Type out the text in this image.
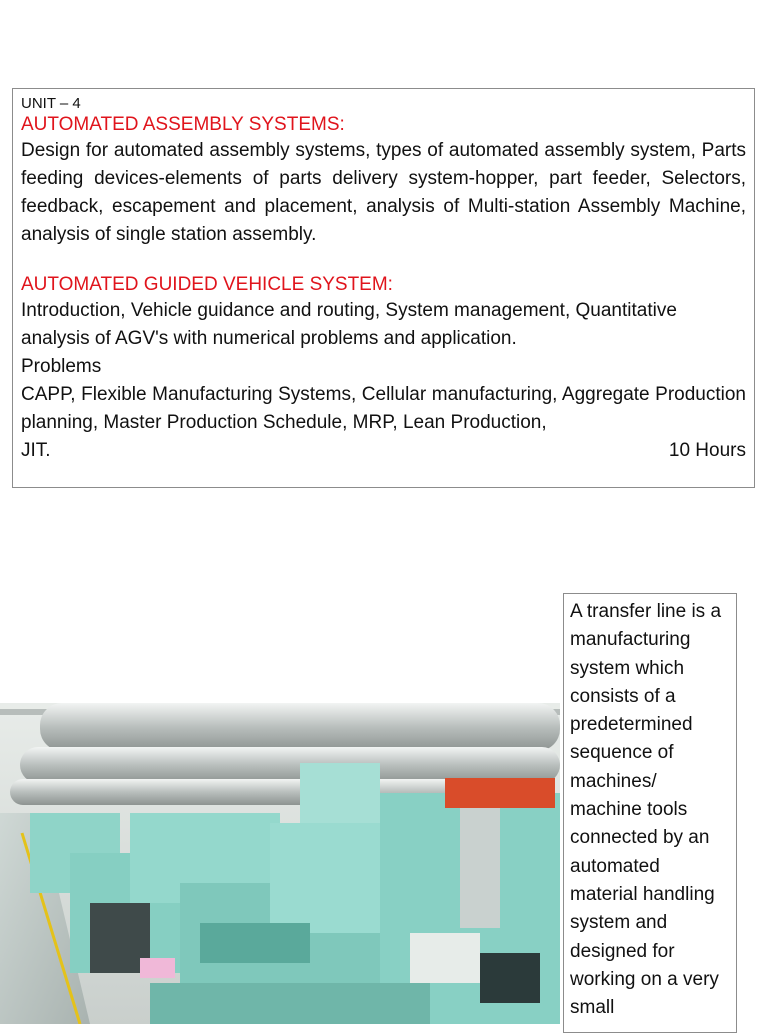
UNIT – 4
AUTOMATED ASSEMBLY SYSTEMS:
Design for automated assembly systems, types of automated assembly system, Parts feeding devices-elements of parts delivery system-hopper, part feeder, Selectors, feedback, escapement and placement, analysis of Multi-station Assembly Machine, analysis of single station assembly.
AUTOMATED GUIDED VEHICLE SYSTEM:
Introduction, Vehicle guidance and routing, System management, Quantitative analysis of AGV's with numerical problems and application.
Problems
CAPP, Flexible Manufacturing Systems, Cellular manufacturing, Aggregate Production planning, Master Production Schedule, MRP, Lean Production,
JIT.	10 Hours
A transfer line is a manufacturing system which consists of a predetermined sequence of machines/ machine tools connected by an automated material handling system and designed for working on a very small
